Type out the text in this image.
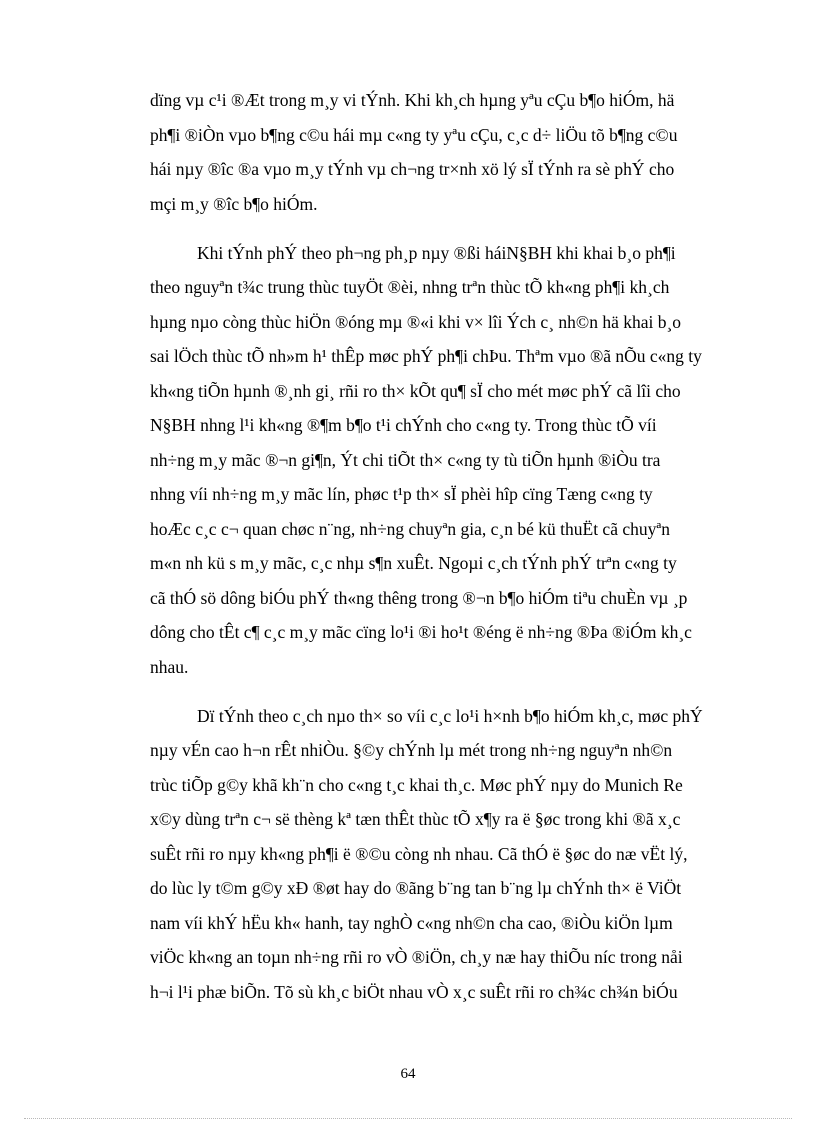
dïng vµ c¹i ®Æt trong m¸y vi tÝnh. Khi kh¸ch hµng yªu cÇu b¶o hiÓm, hä
ph¶i ®iÒn vµo b¶ng c©u hái mµ c«ng ty yªu cÇu, c¸c d÷ liÖu tõ b¶ng c©u
hái nµy ®îc ®a vµo m¸y tÝnh vµ ch¬ng tr×nh xö lý sÏ tÝnh ra sè phÝ cho
mçi m¸y ®îc b¶o hiÓm.
Khi tÝnh phÝ theo ph¬ng ph¸p nµy ®ßi háiN§BH khi khai b¸o ph¶i
theo nguyªn t¾c trung thùc tuyÖt ®èi, nhng trªn thùc tÕ kh«ng ph¶i kh¸ch
hµng nµo còng thùc hiÖn ®óng mµ ®«i khi v× lîi Ých c¸ nh©n hä khai b¸o
sai lÖch thùc tÕ nh»m h¹ thÊp møc phÝ ph¶i chÞu. Thªm vµo ®ã nÕu c«ng ty
kh«ng tiÕn hµnh ®¸nh gi¸ rñi ro th× kÕt qu¶ sÏ cho mét møc phÝ cã lîi cho
N§BH nhng l¹i kh«ng ®¶m b¶o t¹i chÝnh cho c«ng ty. Trong thùc tÕ víi
nh÷ng m¸y mãc ®¬n gi¶n, Ýt chi tiÕt th× c«ng ty tù tiÕn hµnh ®iÒu tra
nhng víi nh÷ng m¸y mãc lín, phøc t¹p th× sÏ phèi hîp cïng Tæng c«ng ty
hoÆc c¸c c¬ quan chøc n¨ng, nh÷ng chuyªn gia, c¸n bé kü thuËt cã chuyªn
m«n nh kü s m¸y mãc, c¸c nhµ s¶n xuÊt. Ngoµi c¸ch tÝnh phÝ trªn c«ng ty
cã thÓ sö dông biÓu phÝ th«ng thêng trong ®¬n b¶o hiÓm tiªu chuÈn vµ ¸p
dông cho tÊt c¶ c¸c m¸y mãc cïng lo¹i ®i ho¹t ®éng ë nh÷ng ®Þa ®iÓm kh¸c
nhau.
Dï tÝnh theo c¸ch nµo th× so víi c¸c lo¹i h×nh b¶o hiÓm kh¸c, møc phÝ
nµy vÉn cao h¬n rÊt nhiÒu. §©y chÝnh lµ mét trong nh÷ng nguyªn nh©n
trùc tiÕp g©y khã kh¨n cho c«ng t¸c khai th¸c. Møc phÝ nµy do Munich Re
x©y dùng trªn c¬ së thèng kª tæn thÊt thùc tÕ x¶y ra ë §øc trong khi ®ã x¸c
suÊt rñi ro nµy kh«ng ph¶i ë ®©u còng nh nhau. Cã thÓ ë §øc do næ vËt lý,
do lùc ly t©m g©y xÐ ®øt hay do ®ãng b¨ng tan b¨ng lµ chÝnh th× ë ViÖt
nam víi khÝ hËu kh« hanh, tay nghÒ c«ng nh©n cha cao, ®iÒu kiÖn lµm
viÖc kh«ng an toµn nh÷ng rñi ro vÒ ®iÖn, ch¸y næ hay thiÕu níc trong nåi
h¬i l¹i phæ biÕn. Tõ sù kh¸c biÖt nhau vÒ x¸c suÊt rñi ro ch¾c ch¾n biÓu
64
